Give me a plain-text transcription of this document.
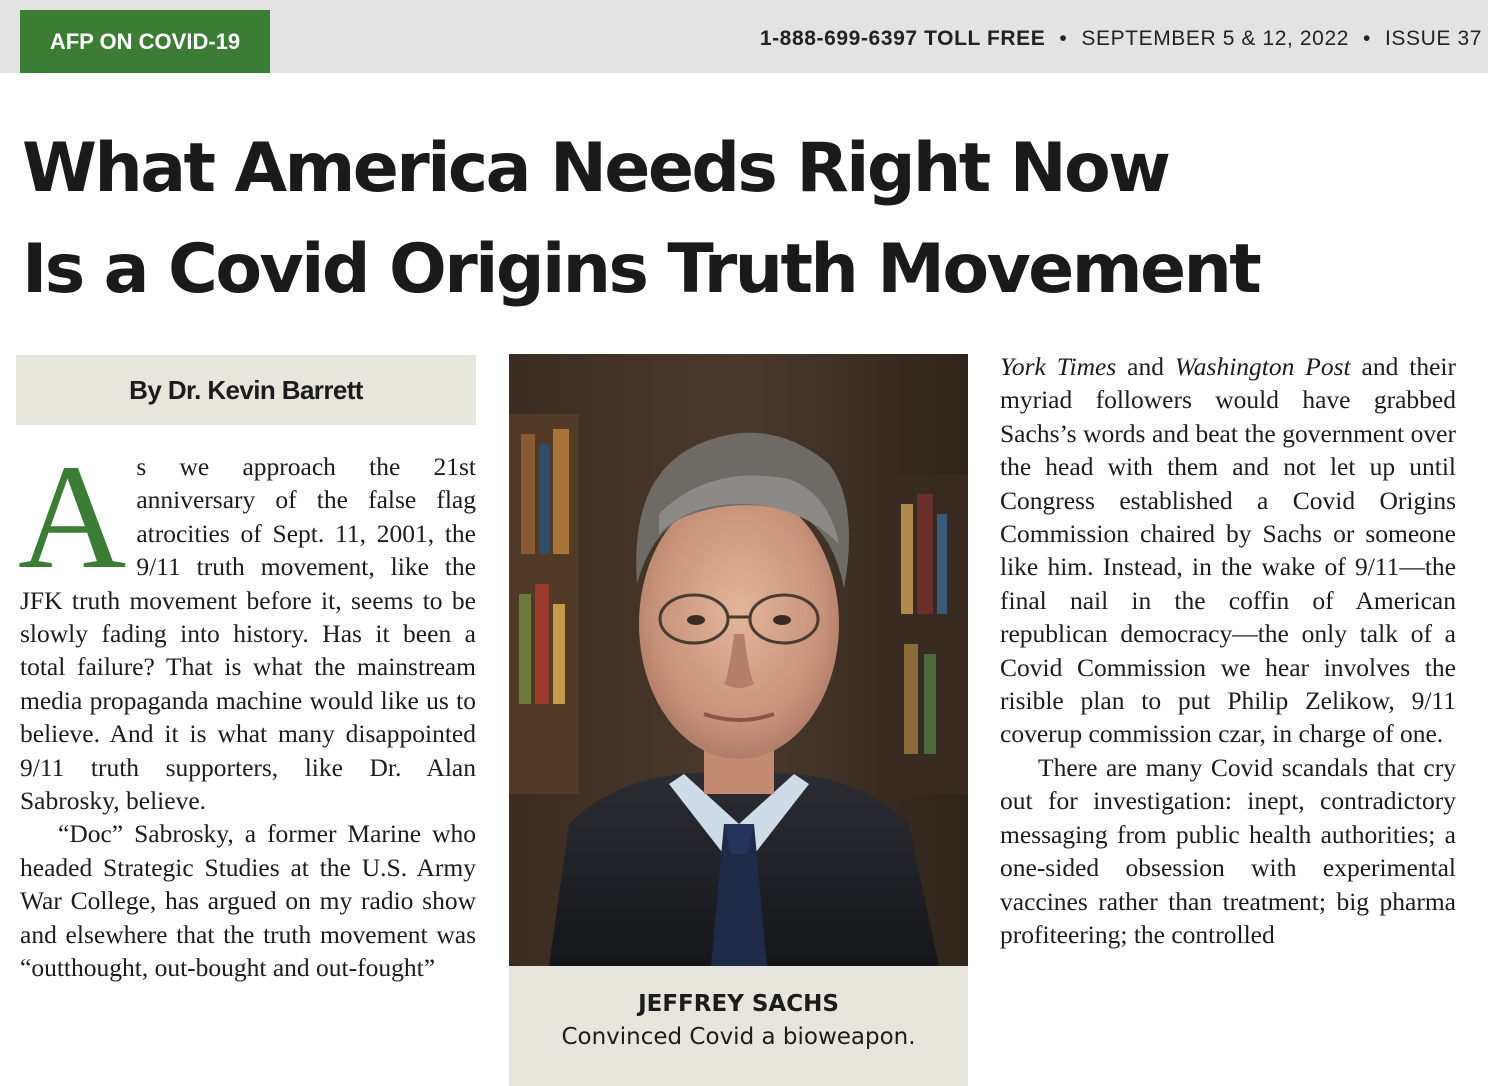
AFP ON COVID-19	1-888-699-6397 TOLL FREE • SEPTEMBER 5 & 12, 2022 • ISSUE 37
What America Needs Right Now
Is a Covid Origins Truth Movement
By Dr. Kevin Barrett

As we approach the 21st anniversary of the false flag atrocities of Sept. 11, 2001, the 9/11 truth movement, like the JFK truth movement before it, seems to be slowly fading into history. Has it been a total failure? That is what the mainstream media propaganda machine would like us to believe. And it is what many disappointed 9/11 truth supporters, like Dr. Alan Sabrosky, believe.

“Doc” Sabrosky, a former Marine who headed Strategic Studies at the U.S. Army War College, has argued on my radio show and elsewhere that the truth movement was “outthought, out-bought and out-fought”

JEFFREY SACHS
Convinced Covid a bioweapon.

York Times and Washington Post and their myriad followers would have grabbed Sachs’s words and beat the government over the head with them and not let up until Congress established a Covid Origins Commission chaired by Sachs or someone like him. Instead, in the wake of 9/11—the final nail in the coffin of American republican democracy—the only talk of a Covid Commission we hear involves the risible plan to put Philip Zelikow, 9/11 coverup commission czar, in charge of one.

There are many Covid scandals that cry out for investigation: inept, contradictory messaging from public health authorities; a one-sided obsession with experimental vaccines rather than treatment; big pharma profiteering; the controlled
